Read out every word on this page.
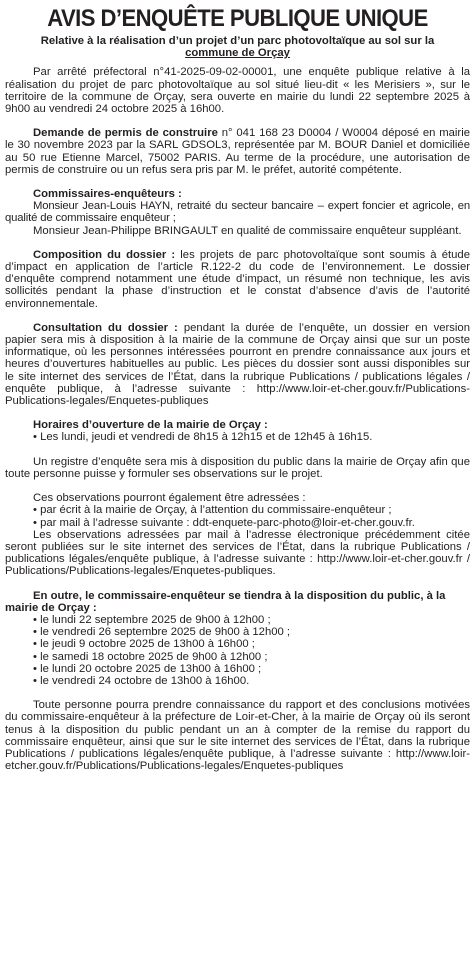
AVIS D’ENQUÊTE PUBLIQUE UNIQUE
Relative à la réalisation d’un projet d’un parc photovoltaïque au sol sur la
commune de Orçay

Par arrêté préfectoral n°41-2025-09-02-00001, une enquête publique relative à la réalisation du projet de parc photovoltaïque au sol situé lieu-dit « les Merisiers », sur le territoire de la commune de Orçay, sera ouverte en mairie du lundi 22 septembre 2025 à 9h00 au vendredi 24 octobre 2025 à 16h00.

Demande de permis de construire n° 041 168 23 D0004 / W0004 déposé en mairie le 30 novembre 2023 par la SARL GDSOL3, représentée par M. BOUR Daniel et domiciliée au 50 rue Etienne Marcel, 75002 PARIS. Au terme de la procédure, une autorisation de permis de construire ou un refus sera pris par M. le préfet, autorité compétente.

Commissaires-enquêteurs :

Monsieur Jean-Louis HAYN, retraité du secteur bancaire – expert foncier et agricole, en qualité de commissaire enquêteur ;

Monsieur Jean-Philippe BRINGAULT en qualité de commissaire enquêteur suppléant.

Composition du dossier : les projets de parc photovoltaïque sont soumis à étude d’impact en application de l’article R.122-2 du code de l’environnement. Le dossier d’enquête comprend notamment une étude d’impact, un résumé non technique, les avis sollicités pendant la phase d’instruction et le constat d’absence d’avis de l’autorité environnementale.

Consultation du dossier : pendant la durée de l’enquête, un dossier en version papier sera mis à disposition à la mairie de la commune de Orçay ainsi que sur un poste informatique, où les personnes intéressées pourront en prendre connaissance aux jours et heures d’ouvertures habituelles au public. Les pièces du dossier sont aussi disponibles sur le site internet des services de l’État, dans la rubrique Publications / publications légales / enquête publique, à l’adresse suivante : http://www.loir-et-cher.gouv.fr/Publications-Publications-legales/Enquetes-publiques

Horaires d’ouverture de la mairie de Orçay :

• Les lundi, jeudi et vendredi de 8h15 à 12h15 et de 12h45 à 16h15.

Un registre d’enquête sera mis à disposition du public dans la mairie de Orçay afin que toute personne puisse y formuler ses observations sur le projet.

Ces observations pourront également être adressées :

• par écrit à la mairie de Orçay, à l’attention du commissaire-enquêteur ;

• par mail à l’adresse suivante : ddt-enquete-parc-photo@loir-et-cher.gouv.fr.

Les observations adressées par mail à l’adresse électronique précédemment citée seront publiées sur le site internet des services de l’État, dans la rubrique Publications / publications légales/enquête publique, à l’adresse suivante : http://www.loir-et-cher.gouv.fr / Publications/Publications-legales/Enquetes-publiques.

En outre, le commissaire-enquêteur se tiendra à la disposition du public, à la mairie de Orçay :

• le lundi 22 septembre 2025 de 9h00 à 12h00 ;

• le vendredi 26 septembre 2025 de 9h00 à 12h00 ;

• le jeudi 9 octobre 2025 de 13h00 à 16h00 ;

• le samedi 18 octobre 2025 de 9h00 à 12h00 ;

• le lundi 20 octobre 2025 de 13h00 à 16h00 ;

• le vendredi 24 octobre de 13h00 à 16h00.

Toute personne pourra prendre connaissance du rapport et des conclusions motivées du commissaire-enquêteur à la préfecture de Loir-et-Cher, à la mairie de Orçay où ils seront tenus à la disposition du public pendant un an à compter de la remise du rapport du commissaire enquêteur, ainsi que sur le site internet des services de l’État, dans la rubrique Publications / publications légales/enquête publique, à l’adresse suivante : http://www.loir-etcher.gouv.fr/Publications/Publications-legales/Enquetes-publiques
